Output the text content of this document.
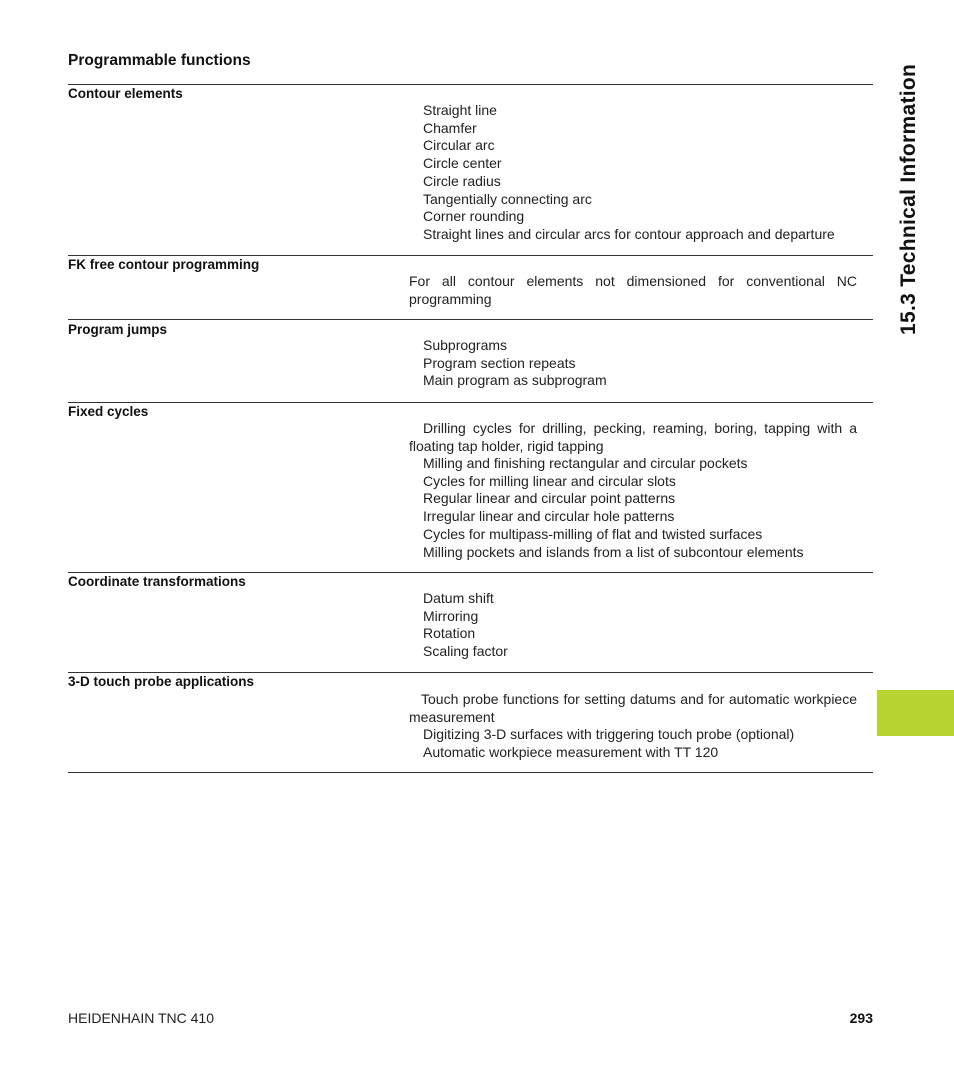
Programmable functions
Contour elements
Straight line
Chamfer
Circular arc
Circle center
Circle radius
Tangentially connecting arc
Corner rounding
Straight lines and circular arcs for contour approach and departure
FK free contour programming
For all contour elements not dimensioned for conventional NC programming
Program jumps
Subprograms
Program section repeats
Main program as subprogram
Fixed cycles
Drilling cycles for drilling, pecking, reaming, boring, tapping with a floating tap holder, rigid tapping
Milling and finishing rectangular and circular pockets
Cycles for milling linear and circular slots
Regular linear and circular point patterns
Irregular linear and circular hole patterns
Cycles for multipass-milling of flat and twisted surfaces
Milling pockets and islands from a list of subcontour elements
Coordinate transformations
Datum shift
Mirroring
Rotation
Scaling factor
3-D touch probe applications
Touch probe functions for setting datums and for automatic workpiece measurement
Digitizing 3-D surfaces with triggering touch probe (optional)
Automatic workpiece measurement with TT 120
15.3 Technical Information
HEIDENHAIN TNC 410	293
